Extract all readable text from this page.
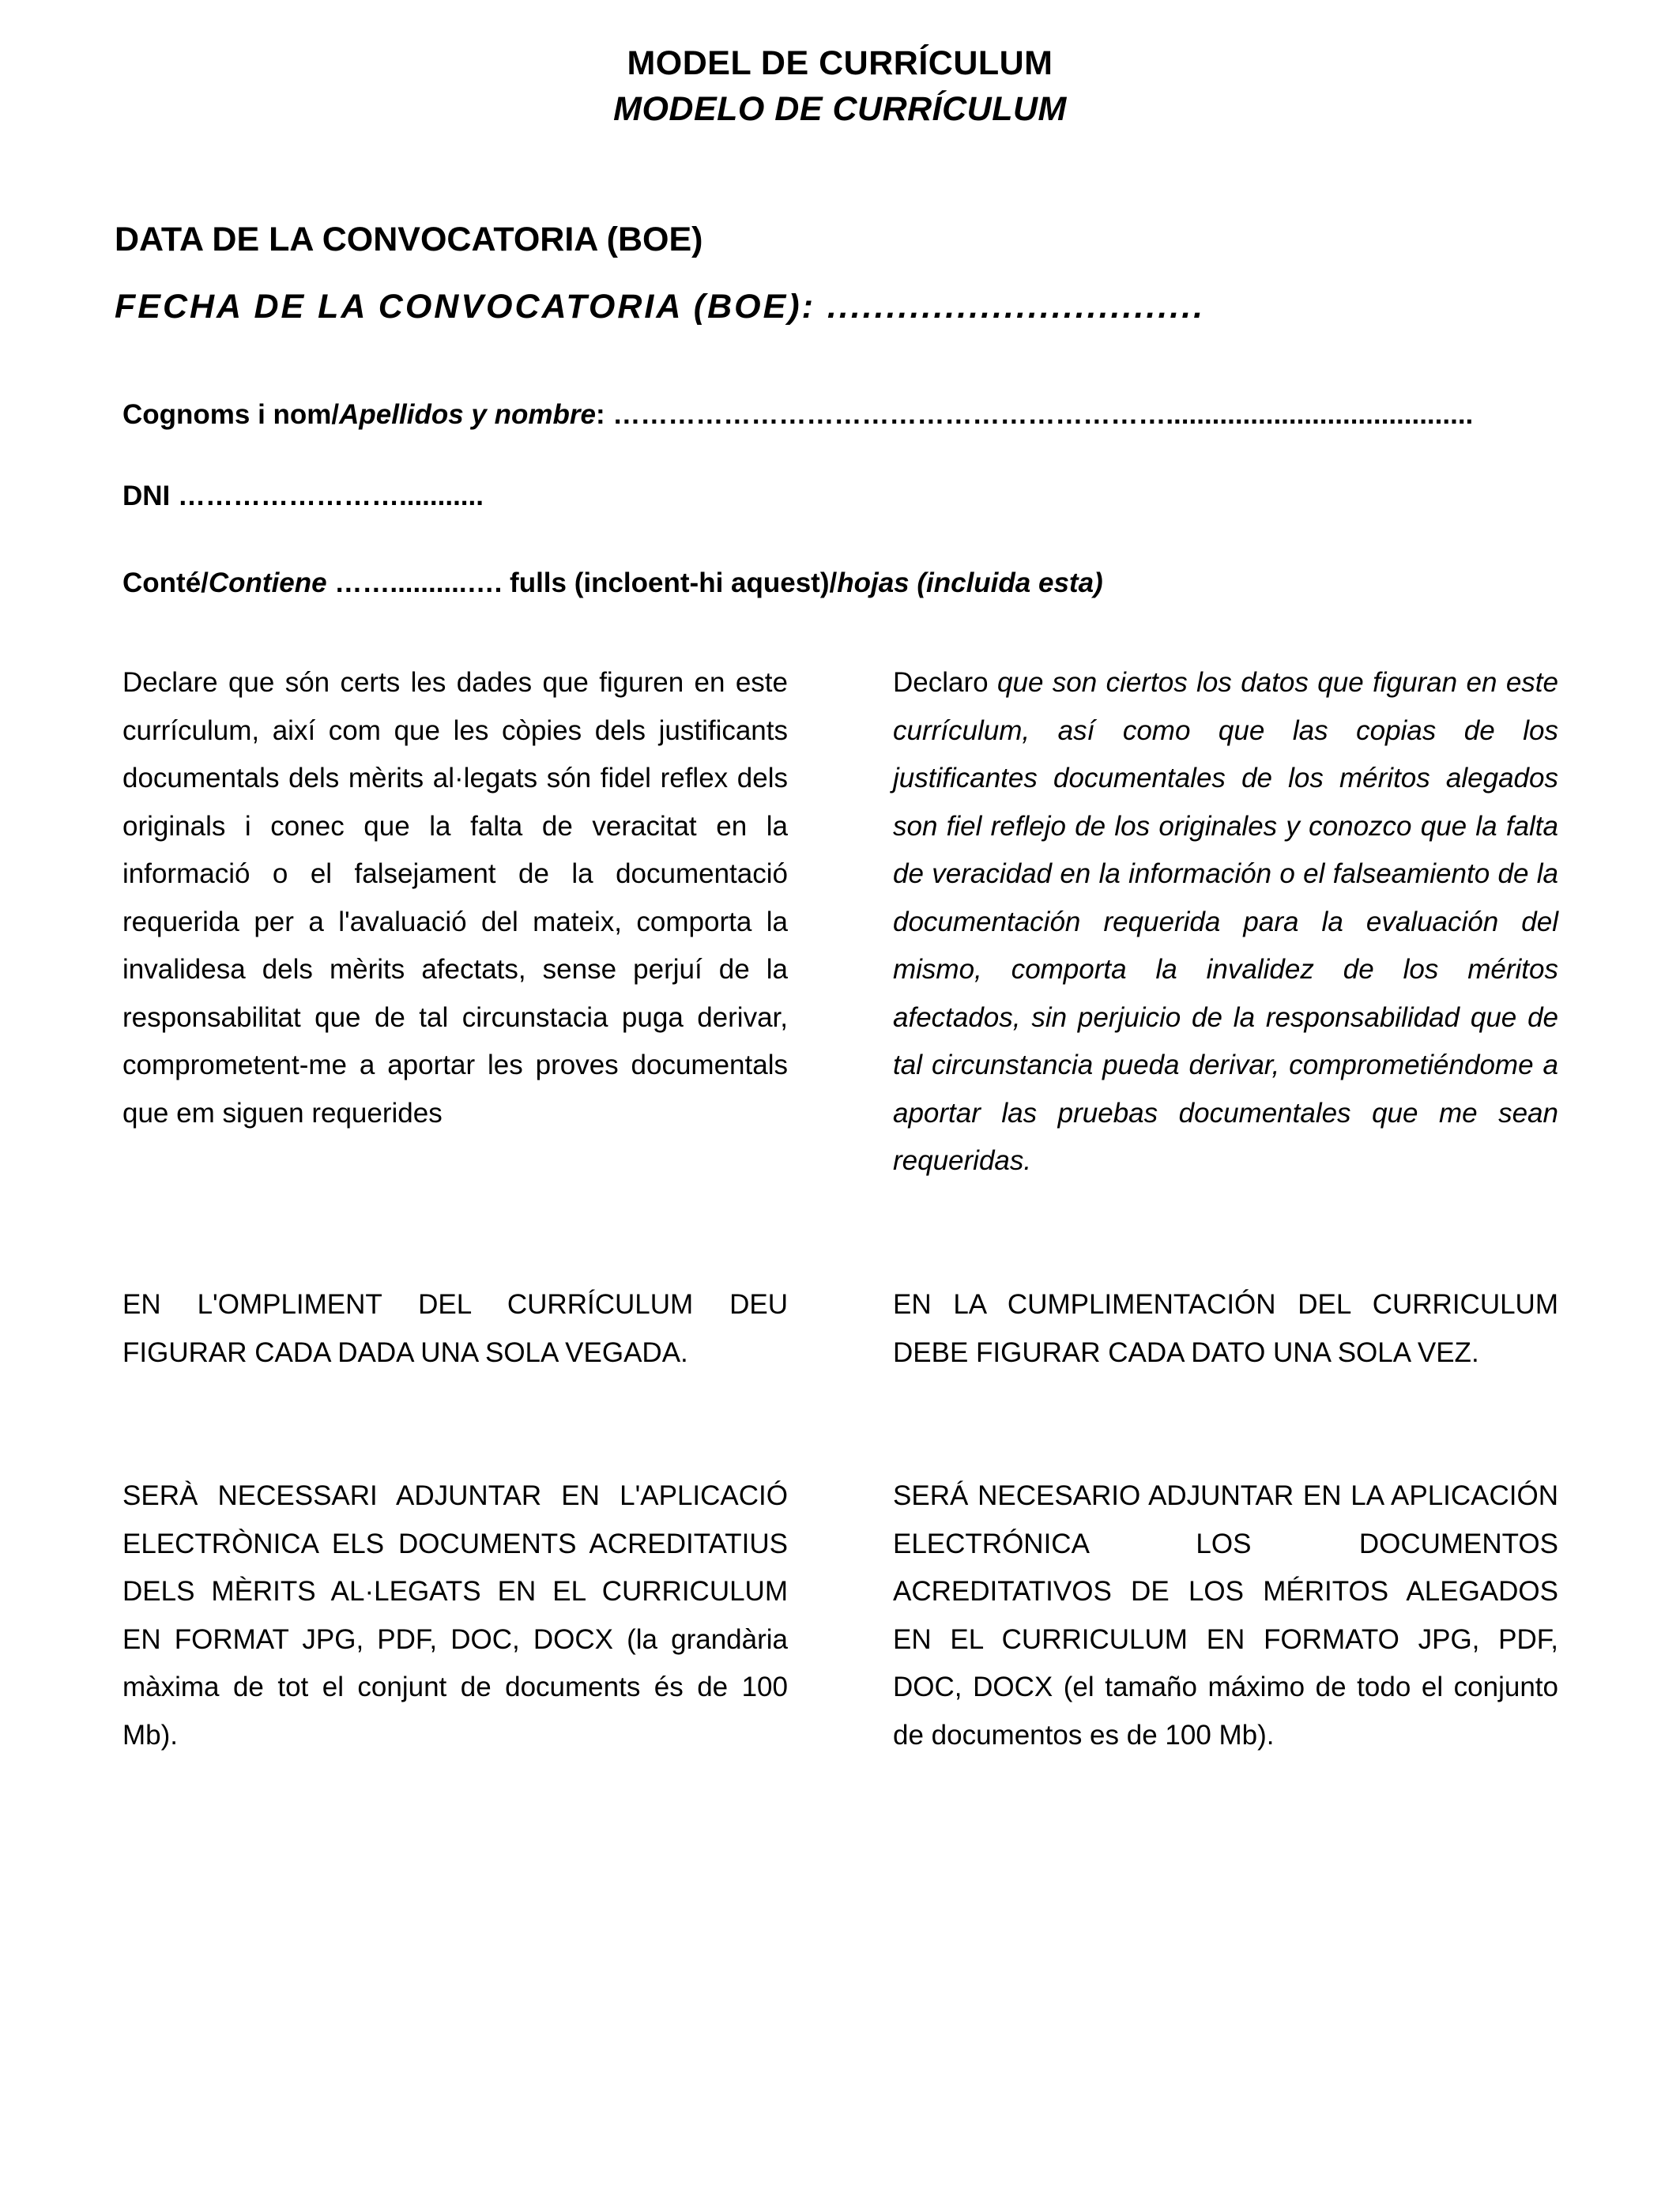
MODEL DE CURRÍCULUM
MODELO DE CURRÍCULUM
DATA DE LA CONVOCATORIA (BOE)
FECHA DE LA CONVOCATORIA (BOE): ................................
Cognoms i nom/Apellidos y nombre: ……………………………………………………........................................
DNI ……………………...........
Conté/Contiene ……..........…. fulls (incloent-hi aquest)/hojas (incluida esta)
Declare que són certs les dades que figuren en este currículum, així com que les còpies dels justificants documentals dels mèrits al·legats són fidel reflex dels originals i conec que la falta de veracitat en la informació o el falsejament de la documentació requerida per a l'avaluació del mateix, comporta la invalidesa dels mèrits afectats, sense perjuí de la responsabilitat que de tal circunstacia puga derivar, comprometent-me a aportar les proves documentals que em siguen requerides
Declaro que son ciertos los datos que figuran en este currículum, así como que las copias de los justificantes documentales de los méritos alegados son fiel reflejo de los originales y conozco que la falta de veracidad en la información o el falseamiento de la documentación requerida para la evaluación del mismo, comporta la invalidez de los méritos afectados, sin perjuicio de la responsabilidad que de tal circunstancia pueda derivar, comprometiéndome a aportar las pruebas documentales que me sean requeridas.
EN L'OMPLIMENT DEL CURRÍCULUM DEU FIGURAR CADA DADA UNA SOLA VEGADA.
EN LA CUMPLIMENTACIÓN DEL CURRICULUM DEBE FIGURAR CADA DATO UNA SOLA VEZ.
SERÀ NECESSARI ADJUNTAR EN L'APLICACIÓ ELECTRÒNICA ELS DOCUMENTS ACREDITATIUS DELS MÈRITS AL·LEGATS EN EL CURRICULUM EN FORMAT JPG, PDF, DOC, DOCX (la grandària màxima de tot el conjunt de documents és de 100 Mb).
SERÁ NECESARIO ADJUNTAR EN LA APLICACIÓN ELECTRÓNICA LOS DOCUMENTOS ACREDITATIVOS DE LOS MÉRITOS ALEGADOS EN EL CURRICULUM EN FORMATO JPG, PDF, DOC, DOCX (el tamaño máximo de todo el conjunto de documentos es de 100 Mb).
